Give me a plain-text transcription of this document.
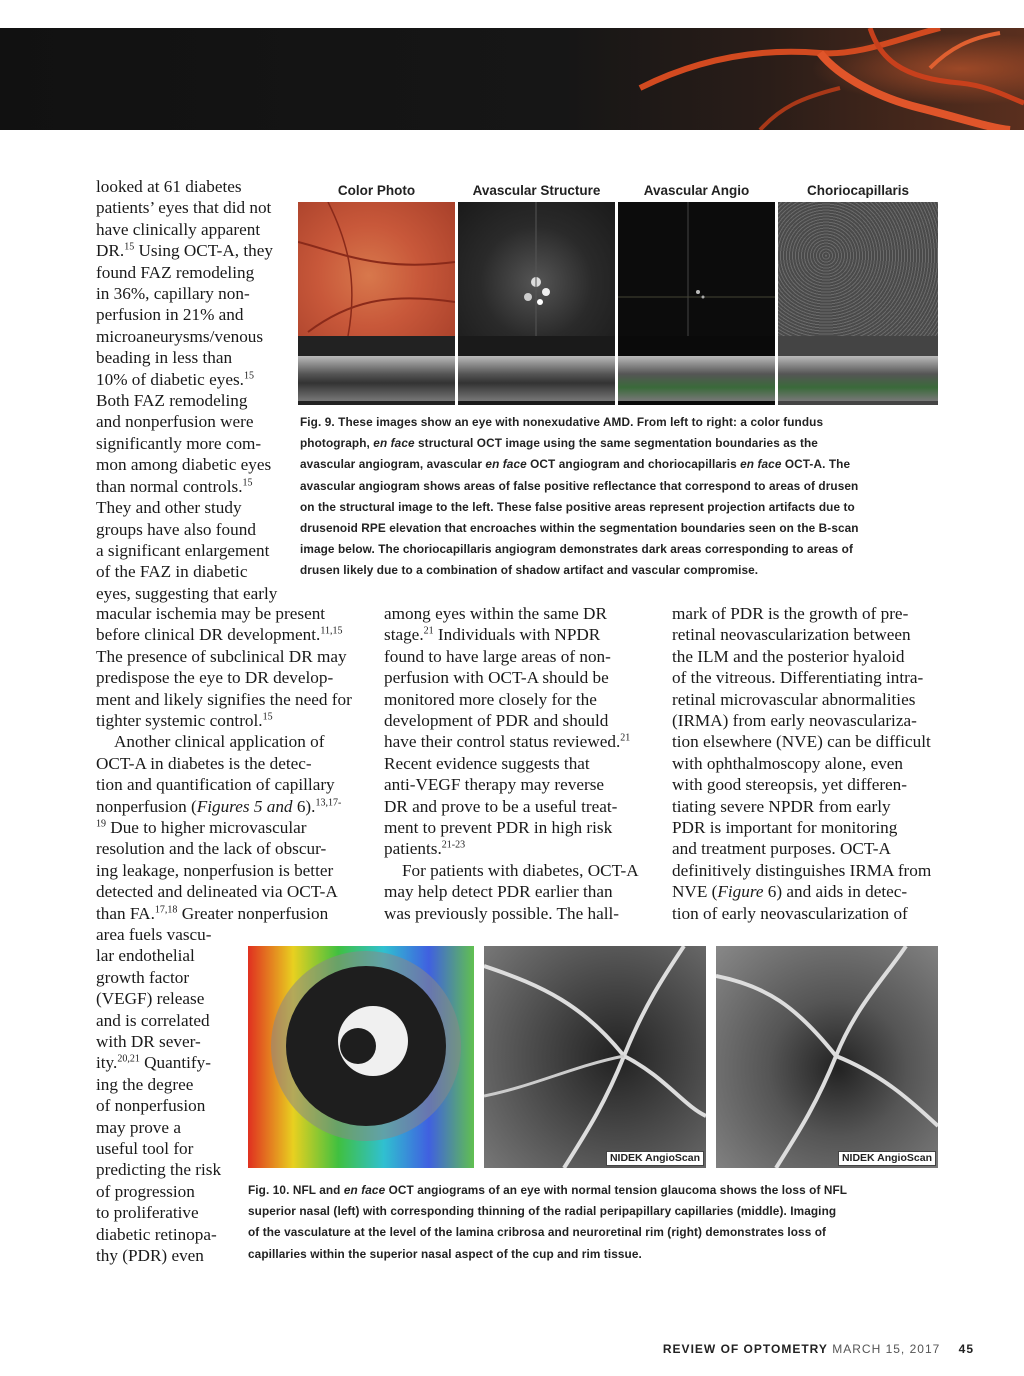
looked at 61 diabetes
patients’ eyes that did not
have clinically apparent
DR.$^{15}$ Using OCT-A, they
found FAZ remodeling
in 36%, capillary non-
perfusion in 21% and
microaneurysms/venous
beading in less than
10% of diabetic eyes.$^{15}$
Both FAZ remodeling
and nonperfusion were
significantly more com-
mon among diabetic eyes
than normal controls.$^{15}$
They and other study
groups have also found
a significant enlargement
of the FAZ in diabetic
eyes, suggesting that early
macular ischemia may be present
before clinical DR development.$^{11,15}$
The presence of subclinical DR may
predispose the eye to DR develop-
ment and likely signifies the need for
tighter systemic control.$^{15}$
Another clinical application of
OCT-A in diabetes is the detec-
tion and quantification of capillary
nonperfusion (Figures 5 and 6).$^{13,17-}$
$^{19}$ Due to higher microvascular
resolution and the lack of obscur-
ing leakage, nonperfusion is better
detected and delineated via OCT-A
than FA.$^{17,18}$ Greater nonperfusion
area fuels vascu-
lar endothelial
growth factor
(VEGF) release
and is correlated
with DR sever-
ity.$^{20,21}$ Quantify-
ing the degree
of nonperfusion
may prove a
useful tool for
predicting the risk
of progression
to proliferative
diabetic retinopa-
thy (PDR) even
among eyes within the same DR
stage.$^{21}$ Individuals with NPDR
found to have large areas of non-
perfusion with OCT-A should be
monitored more closely for the
development of PDR and should
have their control status reviewed.$^{21}$
Recent evidence suggests that
anti-VEGF therapy may reverse
DR and prove to be a useful treat-
ment to prevent PDR in high risk
patients.$^{21-23}$
For patients with diabetes, OCT-A
may help detect PDR earlier than
was previously possible. The hall-
mark of PDR is the growth of pre-
retinal neovascularization between
the ILM and the posterior hyaloid
of the vitreous. Differentiating intra-
retinal microvascular abnormalities
(IRMA) from early neovasculariza-
tion elsewhere (NVE) can be difficult
with ophthalmoscopy alone, even
with good stereopsis, yet differen-
tiating severe NPDR from early
PDR is important for monitoring
and treatment purposes. OCT-A
definitively distinguishes IRMA from
NVE (Figure 6) and aids in detec-
tion of early neovascularization of
Color Photo	Avascular Structure	Avascular Angio	Choriocapillaris
Fig. 9. These images show an eye with nonexudative AMD. From left to right: a color fundus
photograph, en face structural OCT image using the same segmentation boundaries as the
avascular angiogram, avascular en face OCT angiogram and choriocapillaris en face OCT-A. The
avascular angiogram shows areas of false positive reflectance that correspond to areas of drusen
on the structural image to the left. These false positive areas represent projection artifacts due to
drusenoid RPE elevation that encroaches within the segmentation boundaries seen on the B-scan
image below. The choriocapillaris angiogram demonstrates dark areas corresponding to areas of
drusen likely due to a combination of shadow artifact and vascular compromise.
NIDEK AngioScan	NIDEK AngioScan
Fig. 10. NFL and en face OCT angiograms of an eye with normal tension glaucoma shows the loss of NFL
superior nasal (left) with corresponding thinning of the radial peripapillary capillaries (middle). Imaging
of the vasculature at the level of the lamina cribrosa and neuroretinal rim (right) demonstrates loss of
capillaries within the superior nasal aspect of the cup and rim tissue.
REVIEW OF OPTOMETRY MARCH 15, 2017 45
